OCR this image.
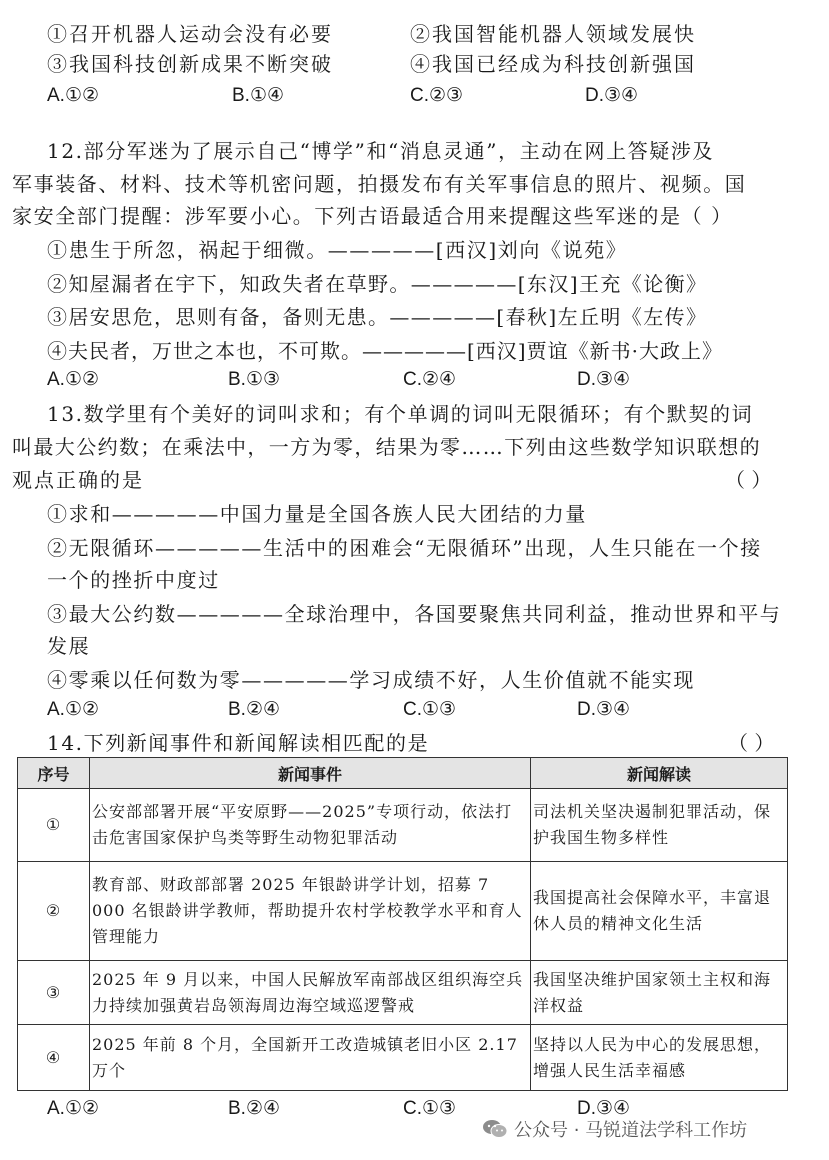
①召开机器人运动会没有必要	②我国智能机器人领域发展快
③我国科技创新成果不断突破	④我国已经成为科技创新强国
A.①②	B.①④	C.②③	D.③④
12.部分军迷为了展示自己“博学”和“消息灵通”，主动在网上答疑涉及
军事装备、材料、技术等机密问题，拍摄发布有关军事信息的照片、视频。国
家安全部门提醒：涉军要小心。下列古语最适合用来提醒这些军迷的是（ ）
①患生于所忽，祸起于细微。—————[西汉]刘向《说苑》
②知屋漏者在宇下，知政失者在草野。—————[东汉]王充《论衡》
③居安思危，思则有备，备则无患。—————[春秋]左丘明《左传》
④夫民者，万世之本也，不可欺。—————[西汉]贾谊《新书·大政上》
A.①②	B.①③	C.②④	D.③④
13.数学里有个美好的词叫求和；有个单调的词叫无限循环；有个默契的词
叫最大公约数；在乘法中，一方为零，结果为零……下列由这些数学知识联想的
观点正确的是	（ ）
①求和—————中国力量是全国各族人民大团结的力量
②无限循环—————生活中的困难会“无限循环”出现，人生只能在一个接
一个的挫折中度过
③最大公约数—————全球治理中，各国要聚焦共同利益，推动世界和平与
发展
④零乘以任何数为零—————学习成绩不好，人生价值就不能实现
A.①②	B.②④	C.①③	D.③④
14.下列新闻事件和新闻解读相匹配的是	（ ）
序号	新闻事件	新闻解读
①	公安部部署开展“平安原野——2025”专项行动，依法打击危害国家保护鸟类等野生动物犯罪活动	司法机关坚决遏制犯罪活动，保护我国生物多样性
②	教育部、财政部部署 2025 年银龄讲学计划，招募 7 000 名银龄讲学教师，帮助提升农村学校教学水平和育人管理能力	我国提高社会保障水平，丰富退休人员的精神文化生活
③	2025 年 9 月以来，中国人民解放军南部战区组织海空兵力持续加强黄岩岛领海周边海空域巡逻警戒	我国坚决维护国家领土主权和海洋权益
④	2025 年前 8 个月，全国新开工改造城镇老旧小区 2.17 万个	坚持以人民为中心的发展思想，增强人民生活幸福感
A.①②	B.②④	C.①③	D.③④
公众号 · 马锐道法学科工作坊
